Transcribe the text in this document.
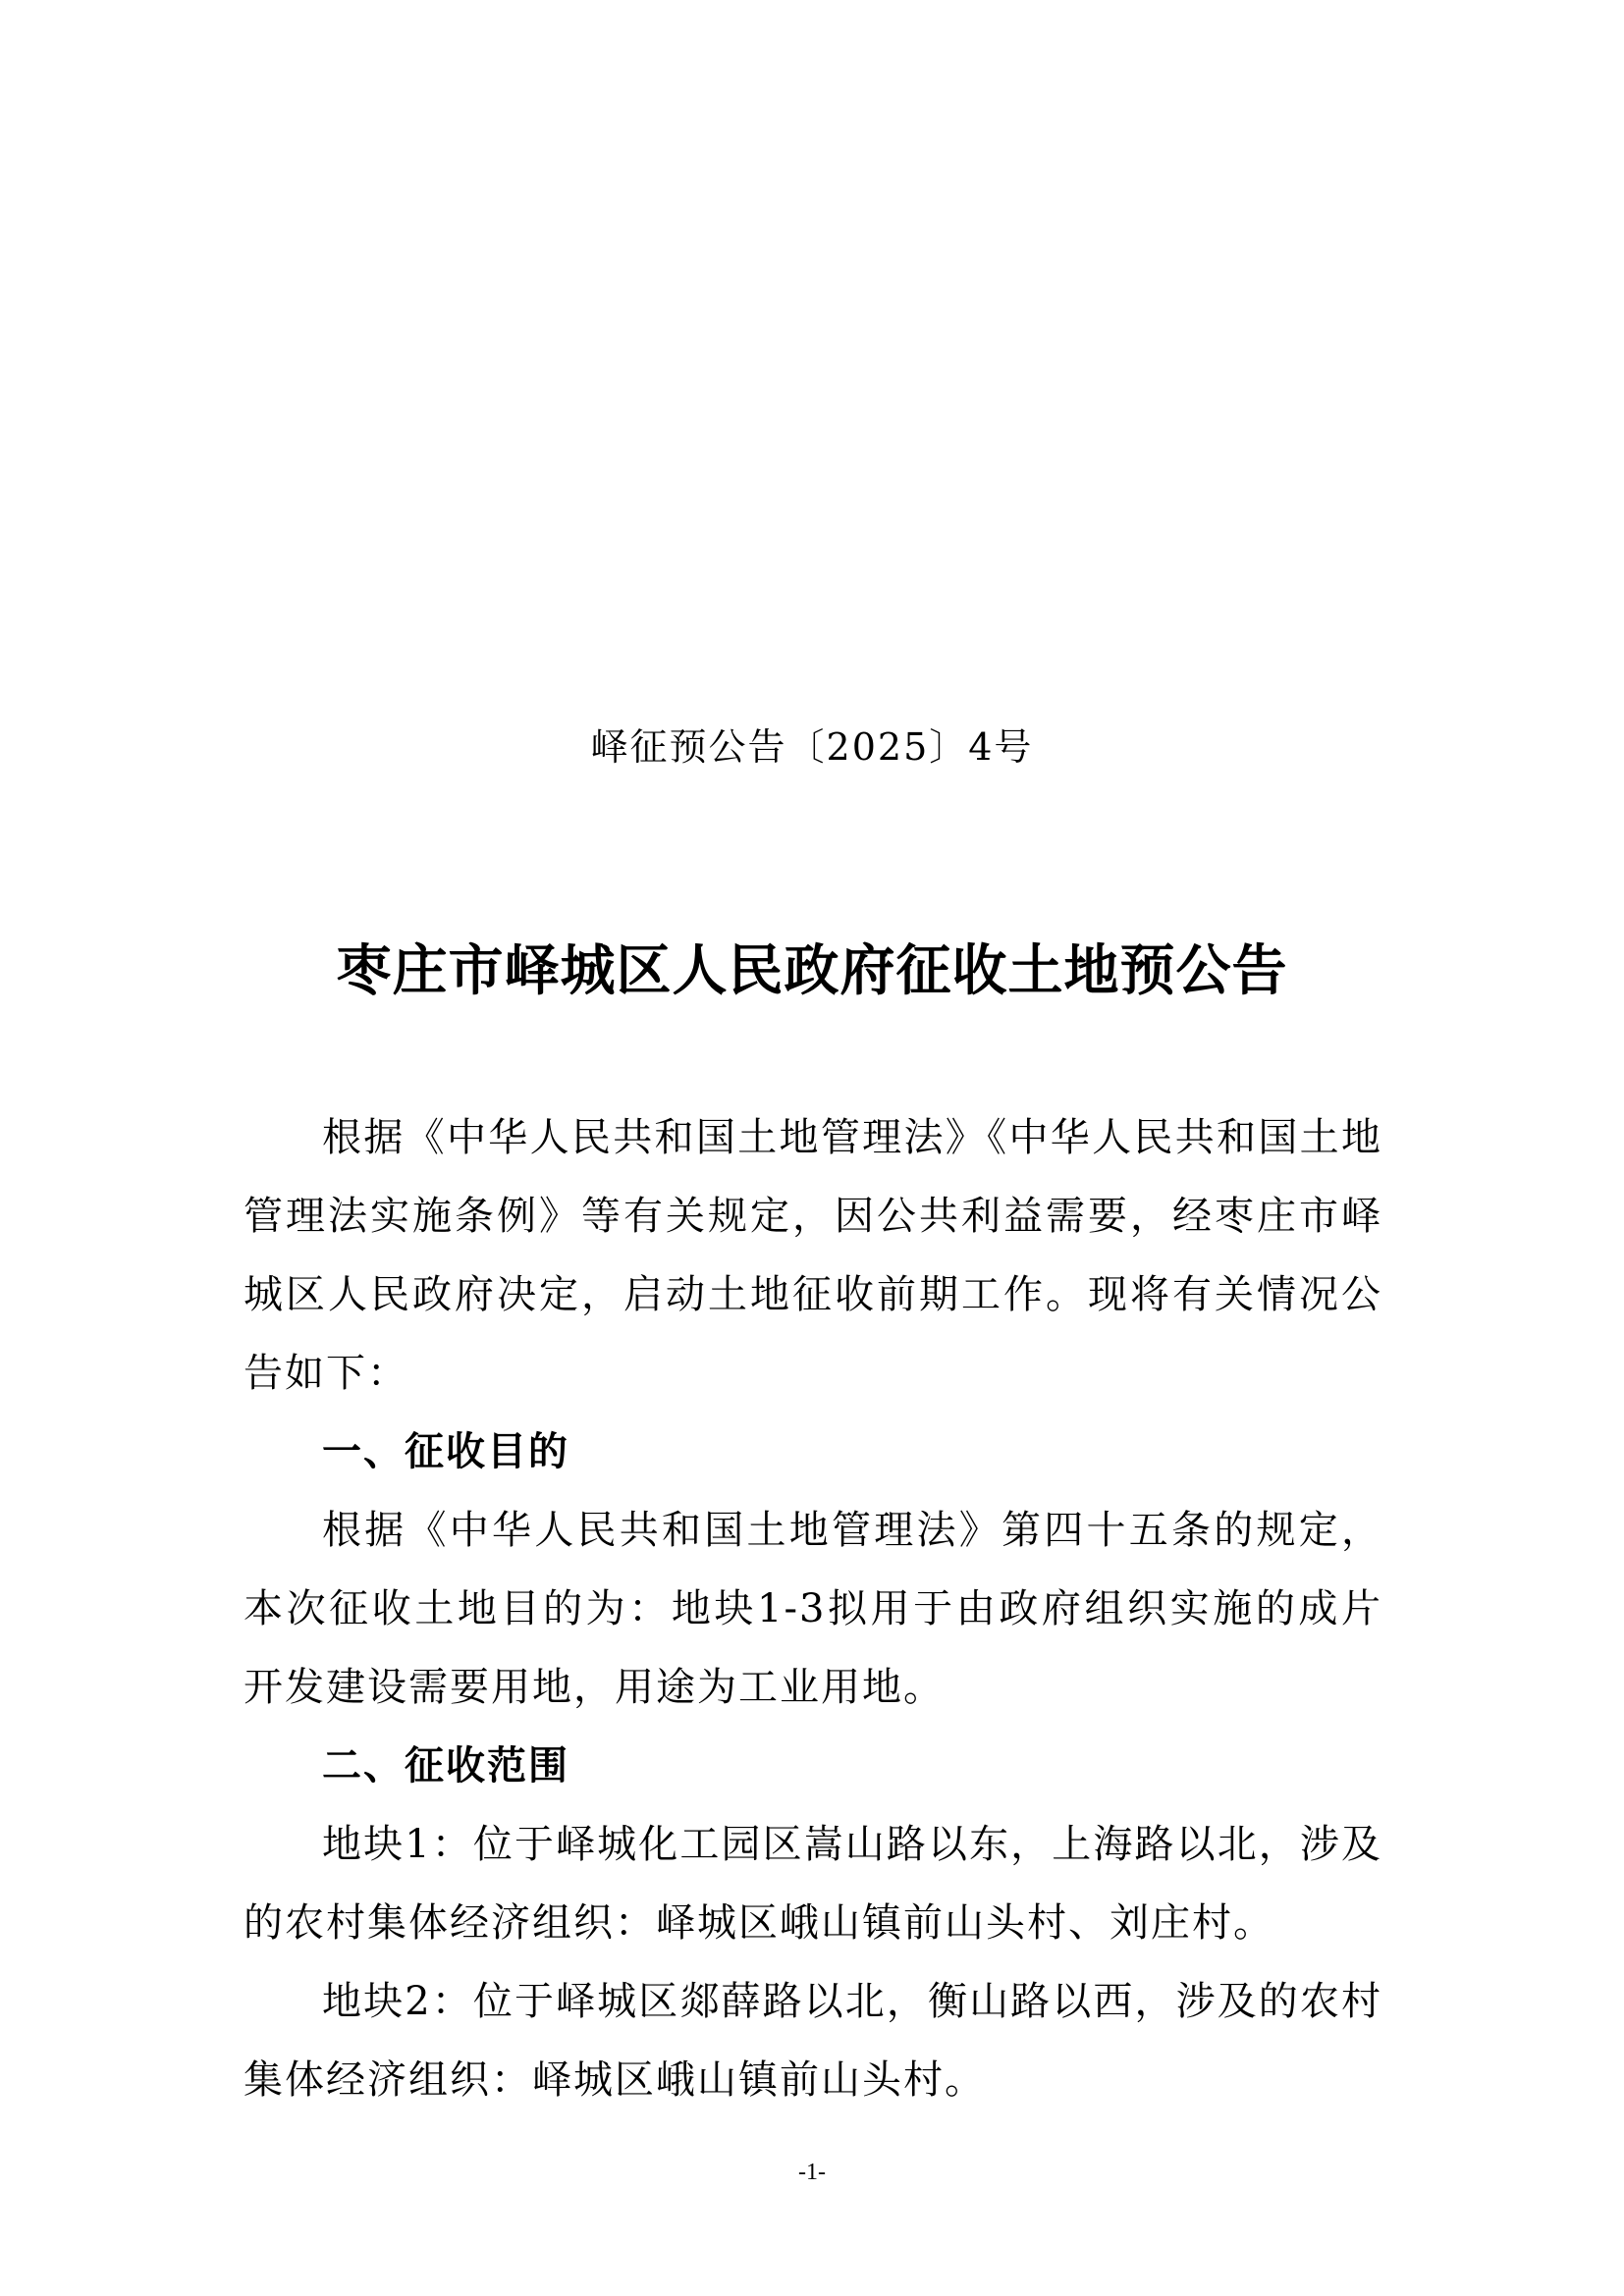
峄征预公告〔2025〕4号
枣庄市峄城区人民政府征收土地预公告

根据《中华人民共和国土地管理法》《中华人民共和国土地管理法实施条例》等有关规定，因公共利益需要，经枣庄市峄城区人民政府决定，启动土地征收前期工作。现将有关情况公告如下：

一、征收目的

根据《中华人民共和国土地管理法》第四十五条的规定，本次征收土地目的为：地块1-3拟用于由政府组织实施的成片开发建设需要用地，用途为工业用地。

二、征收范围

地块1：位于峄城化工园区嵩山路以东，上海路以北，涉及的农村集体经济组织：峄城区峨山镇前山头村、刘庄村。

地块2：位于峄城区郯薛路以北，衡山路以西，涉及的农村集体经济组织：峄城区峨山镇前山头村。

-1-
